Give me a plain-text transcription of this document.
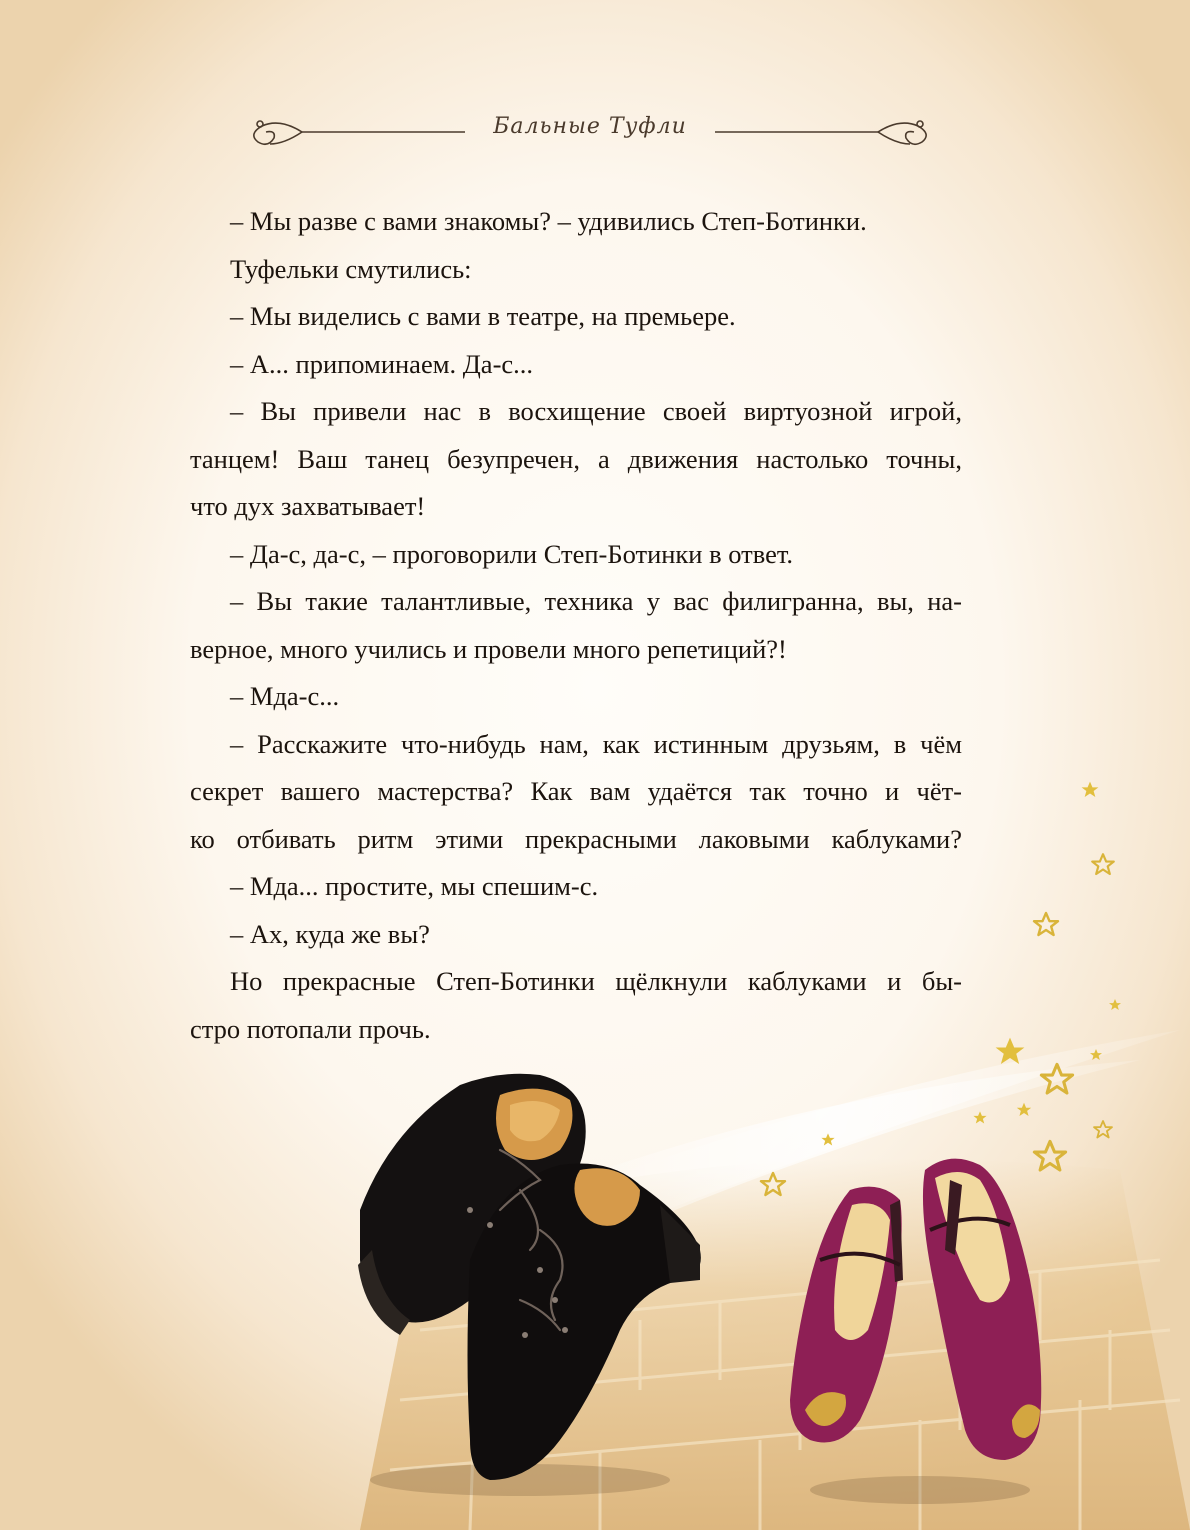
Бальные Туфли
– Мы разве с вами знакомы? – удивились Степ-Ботинки.
Туфельки смутились:
– Мы виделись с вами в театре, на премьере.
– А... припоминаем. Да-с...
– Вы привели нас в восхищение своей виртуозной игрой,
танцем! Ваш танец безупречен, а движения настолько точны,
что дух захватывает!
– Да-с, да-с, – проговорили Степ-Ботинки в ответ.
– Вы такие талантливые, техника у вас филигранна, вы, на-
верное, много учились и провели много репетиций?!
– Мда-с...
– Расскажите что-нибудь нам, как истинным друзьям, в чём
секрет вашего мастерства? Как вам удаётся так точно и чёт-
ко отбивать ритм этими прекрасными лаковыми каблуками?
– Мда... простите, мы спешим-с.
– Ах, куда же вы?
Но прекрасные Степ-Ботинки щёлкнули каблуками и бы-
стро потопали прочь.
